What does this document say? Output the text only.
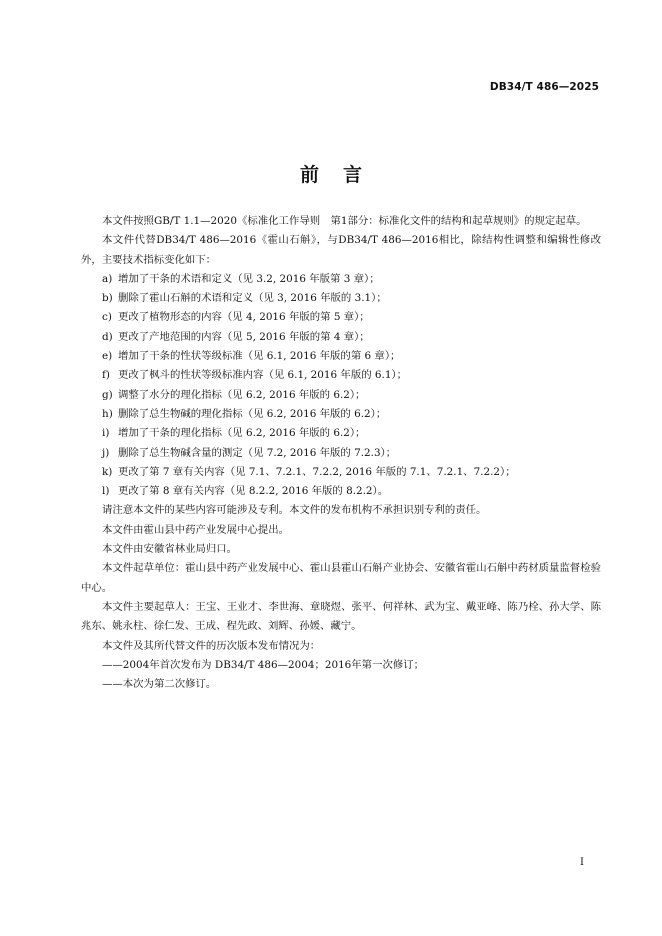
DB34/T 486—2025
前 言

本文件按照GB/T 1.1—2020《标准化工作导则　第1部分：标准化文件的结构和起草规则》的规定起草。

本文件代替DB34/T 486—2016《霍山石斛》，与DB34/T 486—2016相比，除结构性调整和编辑性修改外，主要技术指标变化如下：

a) 增加了干条的术语和定义（见 3.2, 2016 年版第 3 章）；

b) 删除了霍山石斛的术语和定义（见 3, 2016 年版的 3.1）；

c) 更改了植物形态的内容（见 4, 2016 年版的第 5 章）；

d) 更改了产地范围的内容（见 5, 2016 年版的第 4 章）；

e) 增加了干条的性状等级标准（见 6.1, 2016 年版的第 6 章）；

f) 更改了枫斗的性状等级标准内容（见 6.1, 2016 年版的 6.1）；

g) 调整了水分的理化指标（见 6.2, 2016 年版的 6.2）；

h) 删除了总生物碱的理化指标（见 6.2, 2016 年版的 6.2）；

i) 增加了干条的理化指标（见 6.2, 2016 年版的 6.2）；

j) 删除了总生物碱含量的测定（见 7.2, 2016 年版的 7.2.3）；

k) 更改了第 7 章有关内容（见 7.1、7.2.1、7.2.2, 2016 年版的 7.1、7.2.1、7.2.2）；

l) 更改了第 8 章有关内容（见 8.2.2, 2016 年版的 8.2.2）。

请注意本文件的某些内容可能涉及专利。本文件的发布机构不承担识别专利的责任。

本文件由霍山县中药产业发展中心提出。

本文件由安徽省林业局归口。

本文件起草单位：霍山县中药产业发展中心、霍山县霍山石斛产业协会、安徽省霍山石斛中药材质量监督检验中心。

本文件主要起草人：王宝、王业才、李世海、章晓煜、张平、何祥林、武为宝、戴亚峰、陈乃栓、孙大学、陈兆东、姚永柱、徐仁发、王成、程先政、刘辉、孙媛、藏宁。

本文件及其所代替文件的历次版本发布情况为：

——2004年首次发布为 DB34/T 486—2004；2016年第一次修订；

——本次为第二次修订。

I
